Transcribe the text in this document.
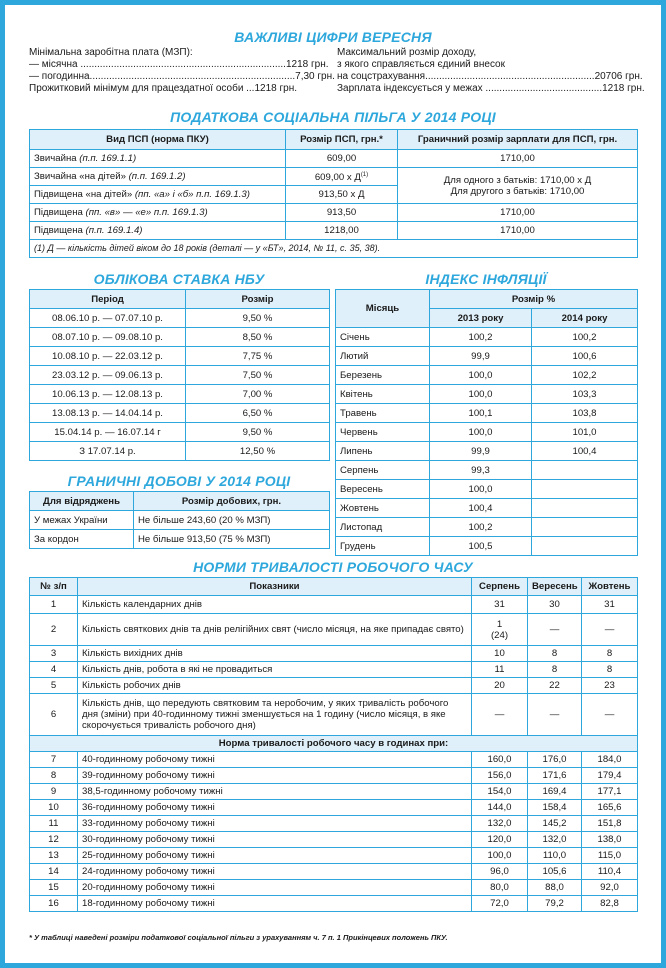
ВАЖЛИВІ ЦИФРИ ВЕРЕСНЯ
Мінімальна заробітна плата (МЗП):
— місячна .......................................................................... 1218 грн.
— погодинна.......................................................................... 7,30 грн.
Прожитковий мінімум для працездатної особи ...1218 грн.
Максимальний розмір доходу,
з якого справляється єдиний внесок
на соцстрахування............................................................. 20706 грн.
Зарплата індексується у межах .......................................... 1218 грн.
ПОДАТКОВА СОЦІАЛЬНА ПІЛЬГА У 2014 РОЦІ
Вид ПСП (норма ПКУ)	Розмір ПСП, грн.*	Граничний розмір зарплати для ПСП, грн.
Звичайна (п.п. 169.1.1)	609,00	1710,00
Звичайна «на дітей» (п.п. 169.1.2)	609,00 х $Д^{(1)}$	Для одного з батьків: 1710,00 х Д
Для другого з батьків: 1710,00

Підвищена «на дітей» (пп. «а» і «б» п.п. 169.1.3)	913,50 х Д	
Підвищена (пп. «в» — «е» п.п. 169.1.3)	913,50	1710,00
Підвищена (п.п. 169.1.4)	1218,00	1710,00
(1) Д — кількість дітей віком до 18 років (деталі — у «БТ», 2014, № 11, с. 35, 38).		
ОБЛІКОВА СТАВКА НБУ
Період	Розмір
08.06.10 р. — 07.07.10 р.	9,50 %
08.07.10 р. — 09.08.10 р.	8,50 %
10.08.10 р. — 22.03.12 р.	7,75 %
23.03.12 р. — 09.06.13 р.	7,50 %
10.06.13 р. — 12.08.13 р.	7,00 %
13.08.13 р. — 14.04.14 р.	6,50 %
15.04.14 р. — 16.07.14 г	9,50 %
З 17.07.14 р.	12,50 %
ГРАНИЧНІ ДОБОВІ У 2014 РОЦІ
Для відряджень	Розмір добових, грн.
У межах України	Не більше 243,60 (20 % МЗП)
За кордон	Не більше 913,50 (75 % МЗП)
ІНДЕКС ІНФЛЯЦІЇ
Місяць	Розмір %	
	2013 року	2014 року
Січень	100,2	100,2
Лютий	99,9	100,6
Березень	100,0	102,2
Квітень	100,0	103,3
Травень	100,1	103,8
Червень	100,0	101,0
Липень	99,9	100,4
Серпень	99,3	
Вересень	100,0	
Жовтень	100,4	
Листопад	100,2	
Грудень	100,5	
НОРМИ ТРИВАЛОСТІ РОБОЧОГО ЧАСУ
№ з/п	Показники	Серпень	Вересень	Жовтень
1	Кількість календарних днів	31	30	31
2	Кількість святкових днів та днів релігійних свят (число місяця, на яке припадає свято)	1
(24)	—	—
3	Кількість вихідних днів	10	8	8
4	Кількість днів, робота в які не провадиться	11	8	8
5	Кількість робочих днів	20	22	23
6	Кількість днів, що передують святковим та неробочим, у яких тривалість робочого дня (зміни) при 40-годинному тижні зменшується на 1 годину (число місяця, в яке скорочується тривалість робочого дня)	—	—	—
Норма тривалості робочого часу в годинах при:				
7	40-годинному робочому тижні	160,0	176,0	184,0
8	39-годинному робочому тижні	156,0	171,6	179,4
9	38,5-годинному робочому тижні	154,0	169,4	177,1
10	36-годинному робочому тижні	144,0	158,4	165,6
11	33-годинному робочому тижні	132,0	145,2	151,8
12	30-годинному робочому тижні	120,0	132,0	138,0
13	25-годинному робочому тижні	100,0	110,0	115,0
14	24-годинному робочому тижні	96,0	105,6	110,4
15	20-годинному робочому тижні	80,0	88,0	92,0
16	18-годинному робочому тижні	72,0	79,2	82,8
* У таблиці наведені розміри податкової соціальної пільги з урахуванням ч. 7 п. 1 Прикінцевих положень ПКУ.
